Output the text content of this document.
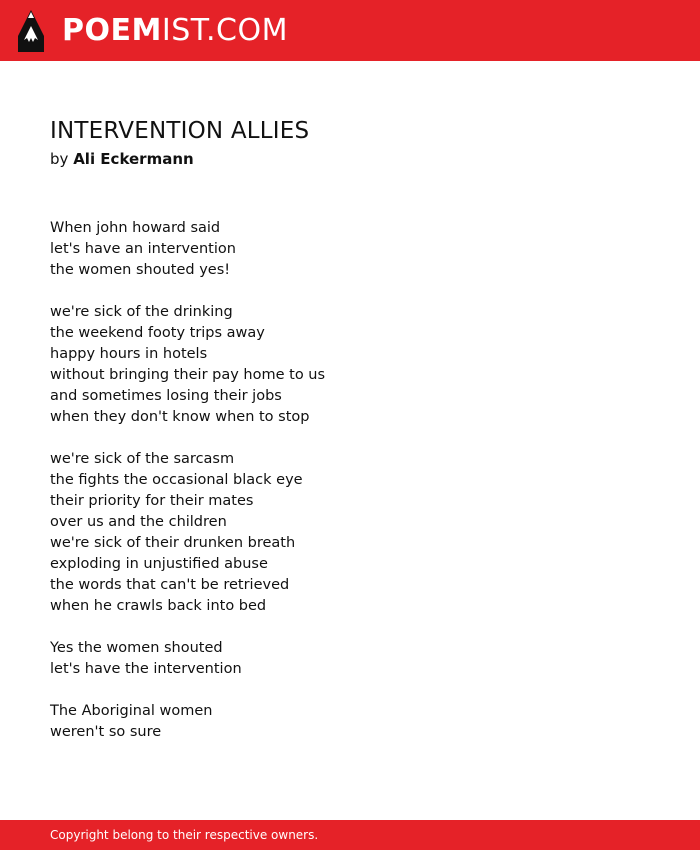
POEMIST.COM
INTERVENTION ALLIES

by Ali Eckermann

When john howard said
let's have an intervention
the women shouted yes!
we're sick of the drinking
the weekend footy trips away
happy hours in hotels
without bringing their pay home to us
and sometimes losing their jobs
when they don't know when to stop
we're sick of the sarcasm
the fights the occasional black eye
their priority for their mates
over us and the children
we're sick of their drunken breath
exploding in unjustified abuse
the words that can't be retrieved
when he crawls back into bed
Yes the women shouted
let's have the intervention
The Aboriginal women
weren't so sure
Copyright belong to their respective owners.
